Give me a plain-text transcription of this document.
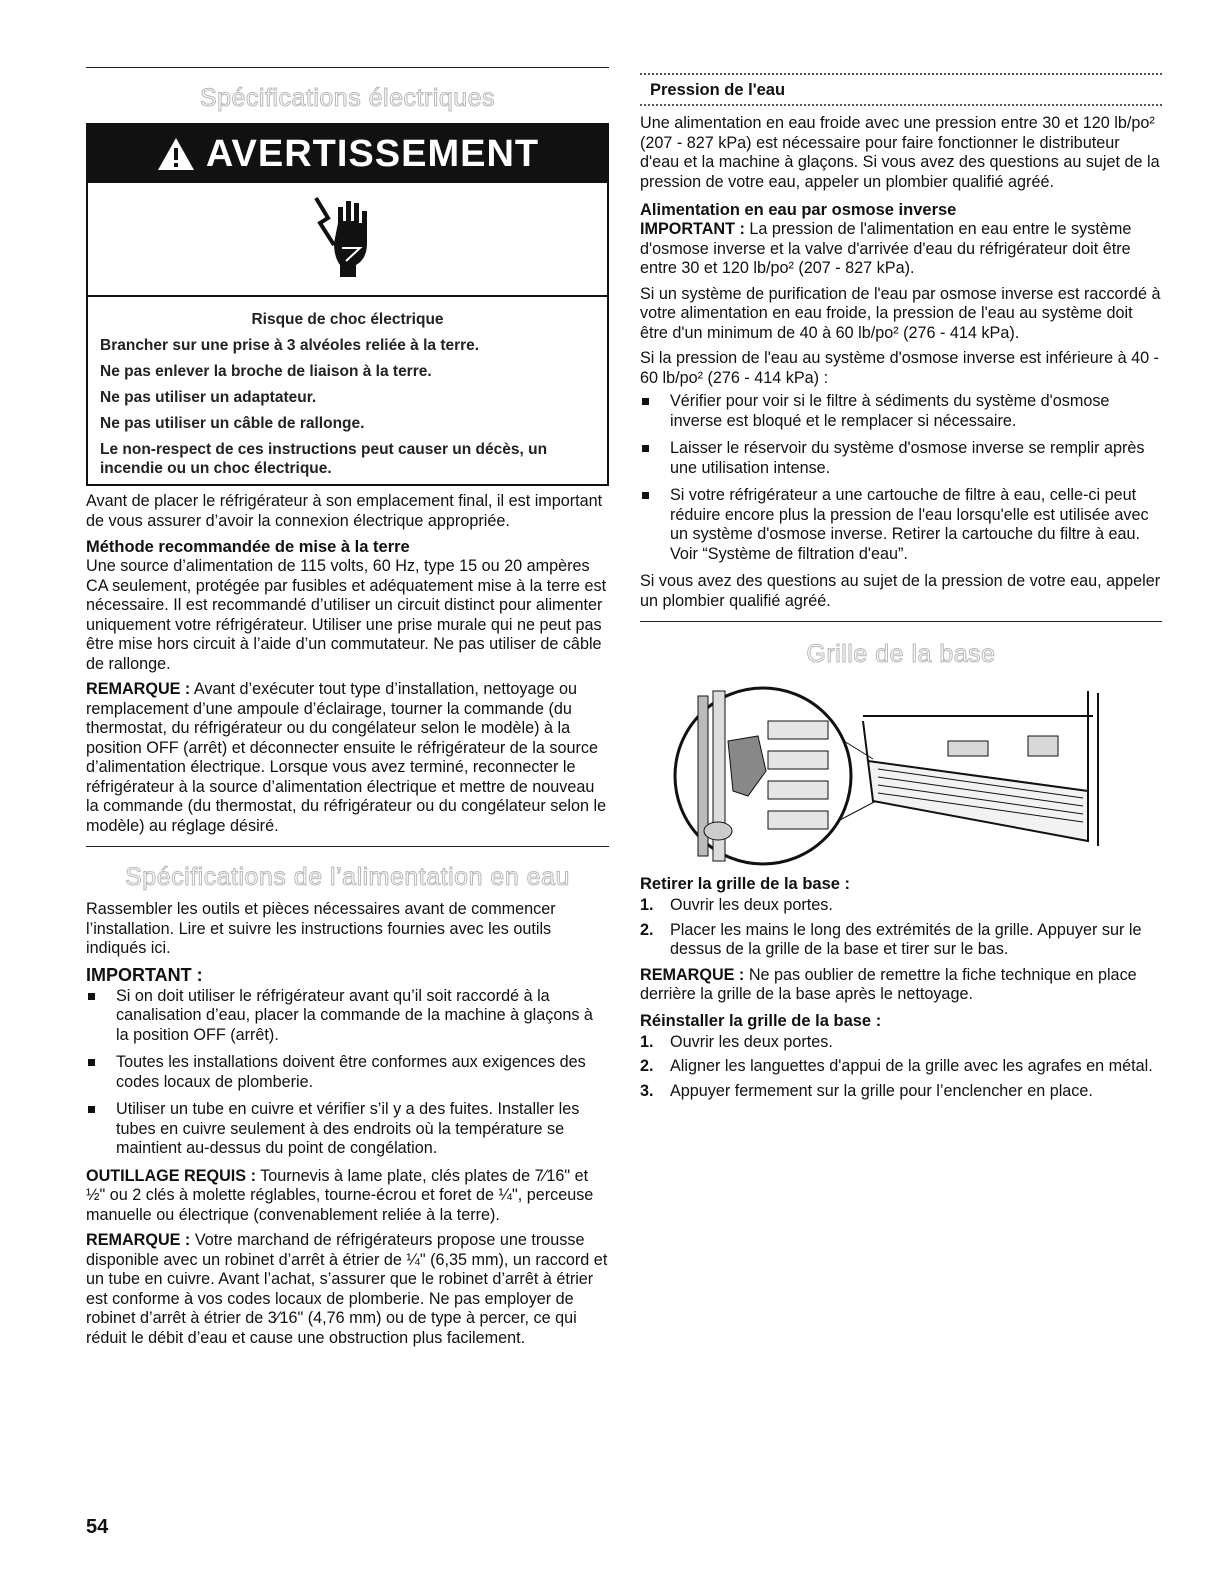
Spécifications électriques
AVERTISSEMENT

Risque de choc électrique

Brancher sur une prise à 3 alvéoles reliée à la terre.

Ne pas enlever la broche de liaison à la terre.

Ne pas utiliser un adaptateur.

Ne pas utiliser un câble de rallonge.

Le non-respect de ces instructions peut causer un décès, un incendie ou un choc électrique.

Avant de placer le réfrigérateur à son emplacement final, il est important de vous assurer d’avoir la connexion électrique appropriée.

Méthode recommandée de mise à la terre

Une source d’alimentation de 115 volts, 60 Hz, type 15 ou 20 ampères CA seulement, protégée par fusibles et adéquatement mise à la terre est nécessaire. Il est recommandé d’utiliser un circuit distinct pour alimenter uniquement votre réfrigérateur. Utiliser une prise murale qui ne peut pas être mise hors circuit à l’aide d’un commutateur. Ne pas utiliser de câble de rallonge.

REMARQUE : Avant d’exécuter tout type d’installation, nettoyage ou remplacement d’une ampoule d’éclairage, tourner la commande (du thermostat, du réfrigérateur ou du congélateur selon le modèle) à la position OFF (arrêt) et déconnecter ensuite le réfrigérateur de la source d’alimentation électrique. Lorsque vous avez terminé, reconnecter le réfrigérateur à la source d’alimentation électrique et mettre de nouveau la commande (du thermostat, du réfrigérateur ou du congélateur selon le modèle) au réglage désiré.

Spécifications de l’alimentation en eau

Rassembler les outils et pièces nécessaires avant de commencer l’installation. Lire et suivre les instructions fournies avec les outils indiqués ici.

IMPORTANT :
Si on doit utiliser le réfrigérateur avant qu’il soit raccordé à la canalisation d’eau, placer la commande de la machine à glaçons à la position OFF (arrêt).
Toutes les installations doivent être conformes aux exigences des codes locaux de plomberie.
Utiliser un tube en cuivre et vérifier s’il y a des fuites. Installer les tubes en cuivre seulement à des endroits où la température se maintient au-dessus du point de congélation.

OUTILLAGE REQUIS : Tournevis à lame plate, clés plates de 7⁄16" et ½" ou 2 clés à molette réglables, tourne-écrou et foret de ¼", perceuse manuelle ou électrique (convenablement reliée à la terre).

REMARQUE : Votre marchand de réfrigérateurs propose une trousse disponible avec un robinet d’arrêt à étrier de ¼" (6,35 mm), un raccord et un tube en cuivre. Avant l’achat, s’assurer que le robinet d’arrêt à étrier est conforme à vos codes locaux de plomberie. Ne pas employer de robinet d’arrêt à étrier de 3⁄16" (4,76 mm) ou de type à percer, ce qui réduit le débit d’eau et cause une obstruction plus facilement.

54
Pression de l'eau

Une alimentation en eau froide avec une pression entre 30 et 120 lb/po² (207 - 827 kPa) est nécessaire pour faire fonctionner le distributeur d'eau et la machine à glaçons. Si vous avez des questions au sujet de la pression de votre eau, appeler un plombier qualifié agréé.

Alimentation en eau par osmose inverse

IMPORTANT : La pression de l'alimentation en eau entre le système d'osmose inverse et la valve d'arrivée d'eau du réfrigérateur doit être entre 30 et 120 lb/po² (207 - 827 kPa).

Si un système de purification de l'eau par osmose inverse est raccordé à votre alimentation en eau froide, la pression de l'eau au système doit être d'un minimum de 40 à 60 lb/po² (276 - 414 kPa).

Si la pression de l'eau au système d'osmose inverse est inférieure à 40 - 60 lb/po² (276 - 414 kPa) :

Vérifier pour voir si le filtre à sédiments du système d'osmose inverse est bloqué et le remplacer si nécessaire.
Laisser le réservoir du système d'osmose inverse se remplir après une utilisation intense.
Si votre réfrigérateur a une cartouche de filtre à eau, celle-ci peut réduire encore plus la pression de l'eau lorsqu'elle est utilisée avec un système d'osmose inverse. Retirer la cartouche du filtre à eau. Voir “Système de filtration d'eau”.

Si vous avez des questions au sujet de la pression de votre eau, appeler un plombier qualifié agréé.

Grille de la base
Retirer la grille de la base :
1. Ouvrir les deux portes.
2. Placer les mains le long des extrémités de la grille. Appuyer sur le dessus de la grille de la base et tirer sur le bas.

REMARQUE : Ne pas oublier de remettre la fiche technique en place derrière la grille de la base après le nettoyage.

Réinstaller la grille de la base :
1. Ouvrir les deux portes.
2. Aligner les languettes d'appui de la grille avec les agrafes en métal.
3. Appuyer fermement sur la grille pour l’enclencher en place.
